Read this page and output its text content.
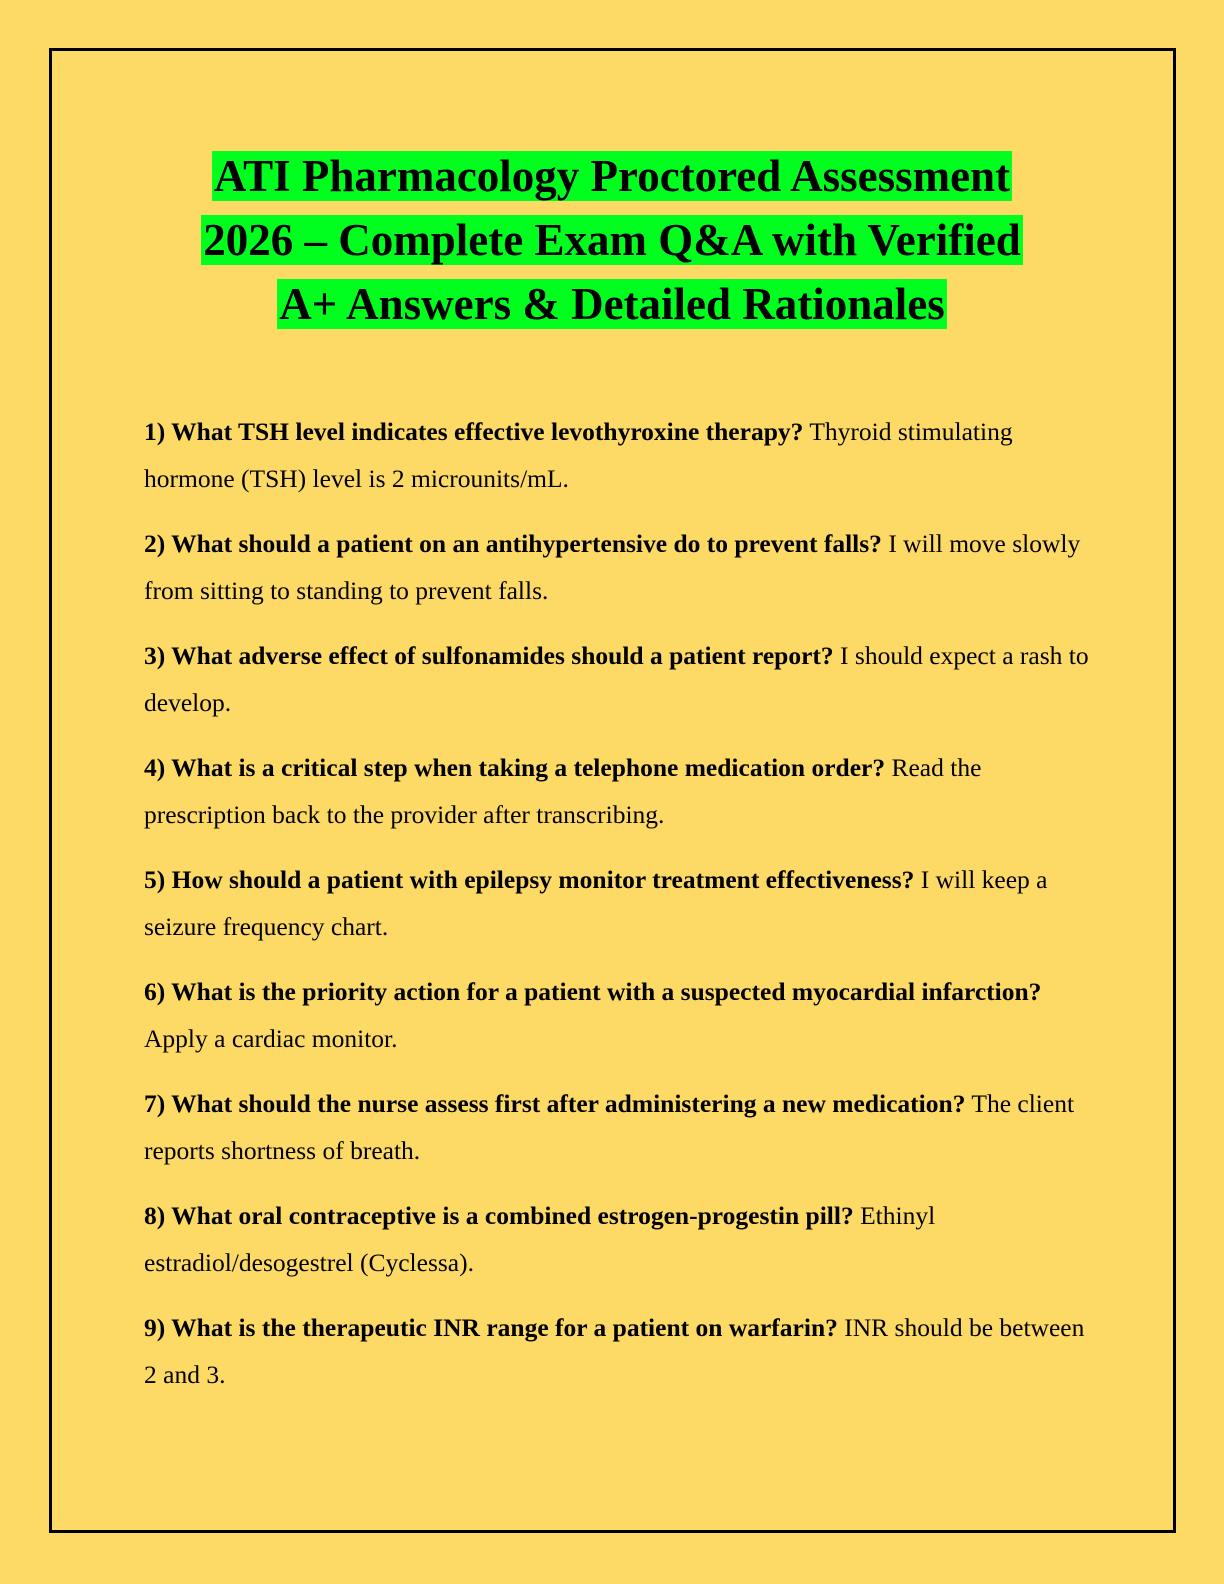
ATI Pharmacology Proctored Assessment
2026 – Complete Exam Q&A with Verified
A+ Answers & Detailed Rationales

1) What TSH level indicates effective levothyroxine therapy? Thyroid stimulating hormone (TSH) level is 2 microunits/mL.

2) What should a patient on an antihypertensive do to prevent falls? I will move slowly from sitting to standing to prevent falls.

3) What adverse effect of sulfonamides should a patient report? I should expect a rash to develop.

4) What is a critical step when taking a telephone medication order? Read the prescription back to the provider after transcribing.

5) How should a patient with epilepsy monitor treatment effectiveness? I will keep a seizure frequency chart.

6) What is the priority action for a patient with a suspected myocardial infarction? Apply a cardiac monitor.

7) What should the nurse assess first after administering a new medication? The client reports shortness of breath.

8) What oral contraceptive is a combined estrogen-progestin pill? Ethinyl estradiol/desogestrel (Cyclessa).

9) What is the therapeutic INR range for a patient on warfarin? INR should be between 2 and 3.
